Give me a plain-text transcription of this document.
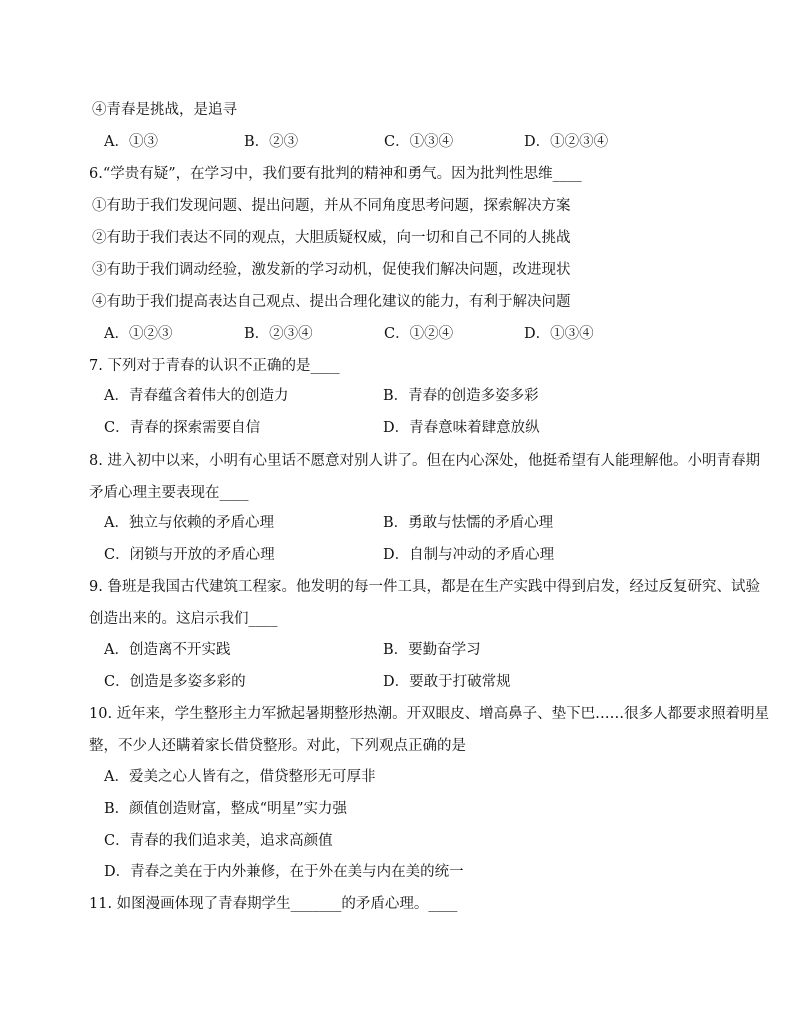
④青春是挑战，是追寻
A．①③	B．②③	C．①③④	D．①②③④
6.“学贵有疑”，在学习中，我们要有批判的精神和勇气。因为批判性思维____
①有助于我们发现问题、提出问题，并从不同角度思考问题，探索解决方案
②有助于我们表达不同的观点，大胆质疑权威，向一切和自己不同的人挑战
③有助于我们调动经验，激发新的学习动机，促使我们解决问题，改进现状
④有助于我们提高表达自己观点、提出合理化建议的能力，有利于解决问题
A．①②③	B．②③④	C．①②④	D．①③④
7. 下列对于青春的认识不正确的是____
A．青春蕴含着伟大的创造力	B．青春的创造多姿多彩
C．青春的探索需要自信	D．青春意味着肆意放纵
8. 进入初中以来，小明有心里话不愿意对别人讲了。但在内心深处，他挺希望有人能理解他。小明青春期
矛盾心理主要表现在____
A．独立与依赖的矛盾心理	B．勇敢与怯懦的矛盾心理
C．闭锁与开放的矛盾心理	D．自制与冲动的矛盾心理
9. 鲁班是我国古代建筑工程家。他发明的每一件工具，都是在生产实践中得到启发，经过反复研究、试验
创造出来的。这启示我们____
A．创造离不开实践	B．要勤奋学习
C．创造是多姿多彩的	D．要敢于打破常规
10. 近年来，学生整形主力军掀起暑期整形热潮。开双眼皮、增高鼻子、垫下巴……很多人都要求照着明星
整，不少人还瞒着家长借贷整形。对此，下列观点正确的是
A．爱美之心人皆有之，借贷整形无可厚非
B．颜值创造财富，整成“明星”实力强
C．青春的我们追求美，追求高颜值
D．青春之美在于内外兼修，在于外在美与内在美的统一
11. 如图漫画体现了青春期学生_______的矛盾心理。____
